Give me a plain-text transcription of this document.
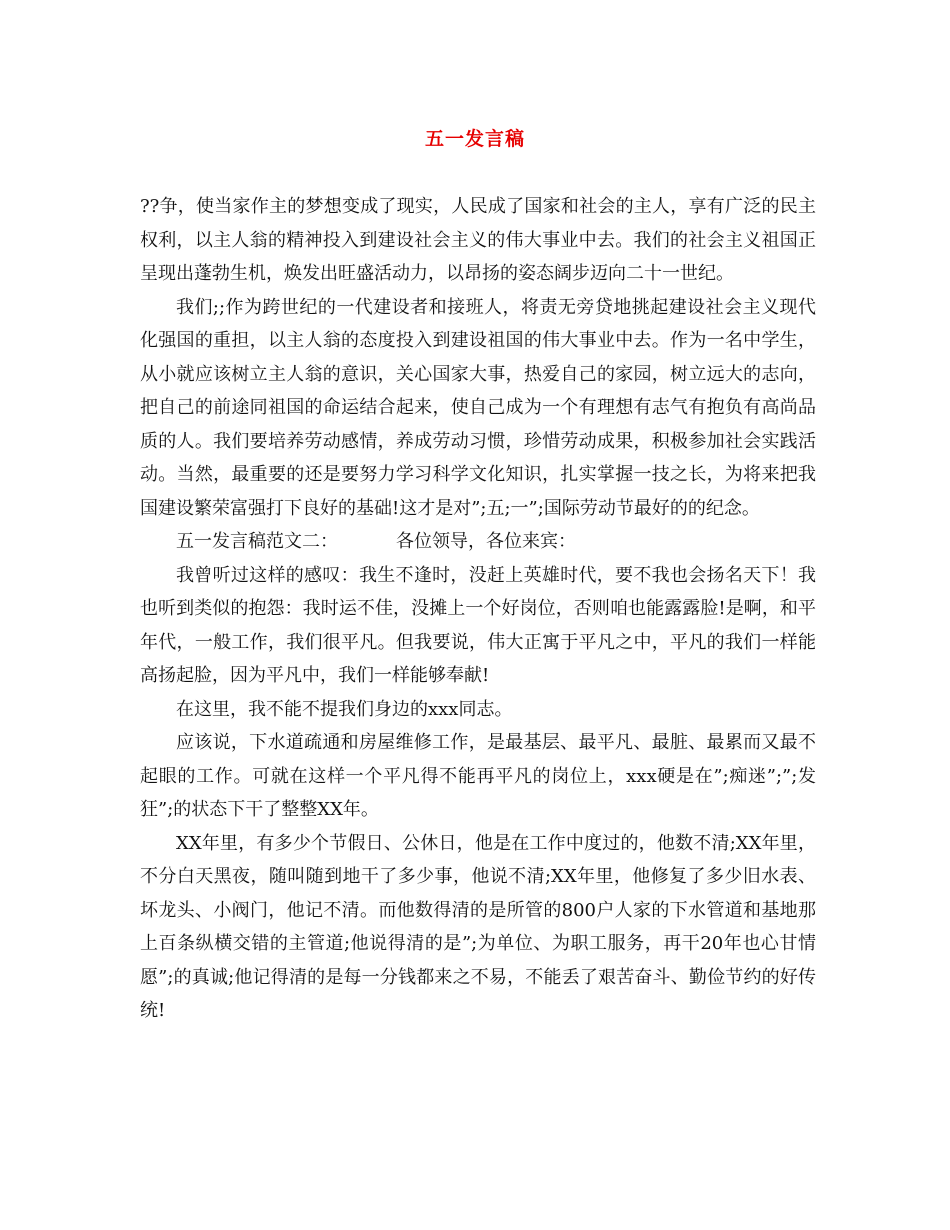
五一发言稿

??争，使当家作主的梦想变成了现实，人民成了国家和社会的主人，享有广泛的民主权利，以主人翁的精神投入到建设社会主义的伟大事业中去。我们的社会主义祖国正呈现出蓬勃生机，焕发出旺盛活动力，以昂扬的姿态阔步迈向二十一世纪。

我们;;作为跨世纪的一代建设者和接班人，将责无旁贷地挑起建设社会主义现代化强国的重担，以主人翁的态度投入到建设祖国的伟大事业中去。作为一名中学生，从小就应该树立主人翁的意识，关心国家大事，热爱自己的家园，树立远大的志向，把自己的前途同祖国的命运结合起来，使自己成为一个有理想有志气有抱负有高尚品质的人。我们要培养劳动感情，养成劳动习惯，珍惜劳动成果，积极参加社会实践活动。当然，最重要的还是要努力学习科学文化知识，扎实掌握一技之长，为将来把我国建设繁荣富强打下良好的基础!这才是对”;五;一”;国际劳动节最好的的纪念。

五一发言稿范文二：	各位领导，各位来宾：

我曾听过这样的感叹：我生不逢时，没赶上英雄时代，要不我也会扬名天下！我也听到类似的抱怨：我时运不佳，没摊上一个好岗位，否则咱也能露露脸!是啊，和平年代，一般工作，我们很平凡。但我要说，伟大正寓于平凡之中，平凡的我们一样能高扬起脸，因为平凡中，我们一样能够奉献!

在这里，我不能不提我们身边的xxx同志。

应该说，下水道疏通和房屋维修工作，是最基层、最平凡、最脏、最累而又最不起眼的工作。可就在这样一个平凡得不能再平凡的岗位上，xxx硬是在”;痴迷”;”;发狂”;的状态下干了整整XX年。

XX年里，有多少个节假日、公休日，他是在工作中度过的，他数不清;XX年里，不分白天黑夜，随叫随到地干了多少事，他说不清;XX年里，他修复了多少旧水表、坏龙头、小阀门，他记不清。而他数得清的是所管的800户人家的下水管道和基地那上百条纵横交错的主管道;他说得清的是”;为单位、为职工服务，再干20年也心甘情愿”;的真诚;他记得清的是每一分钱都来之不易，不能丢了艰苦奋斗、勤俭节约的好传统!
